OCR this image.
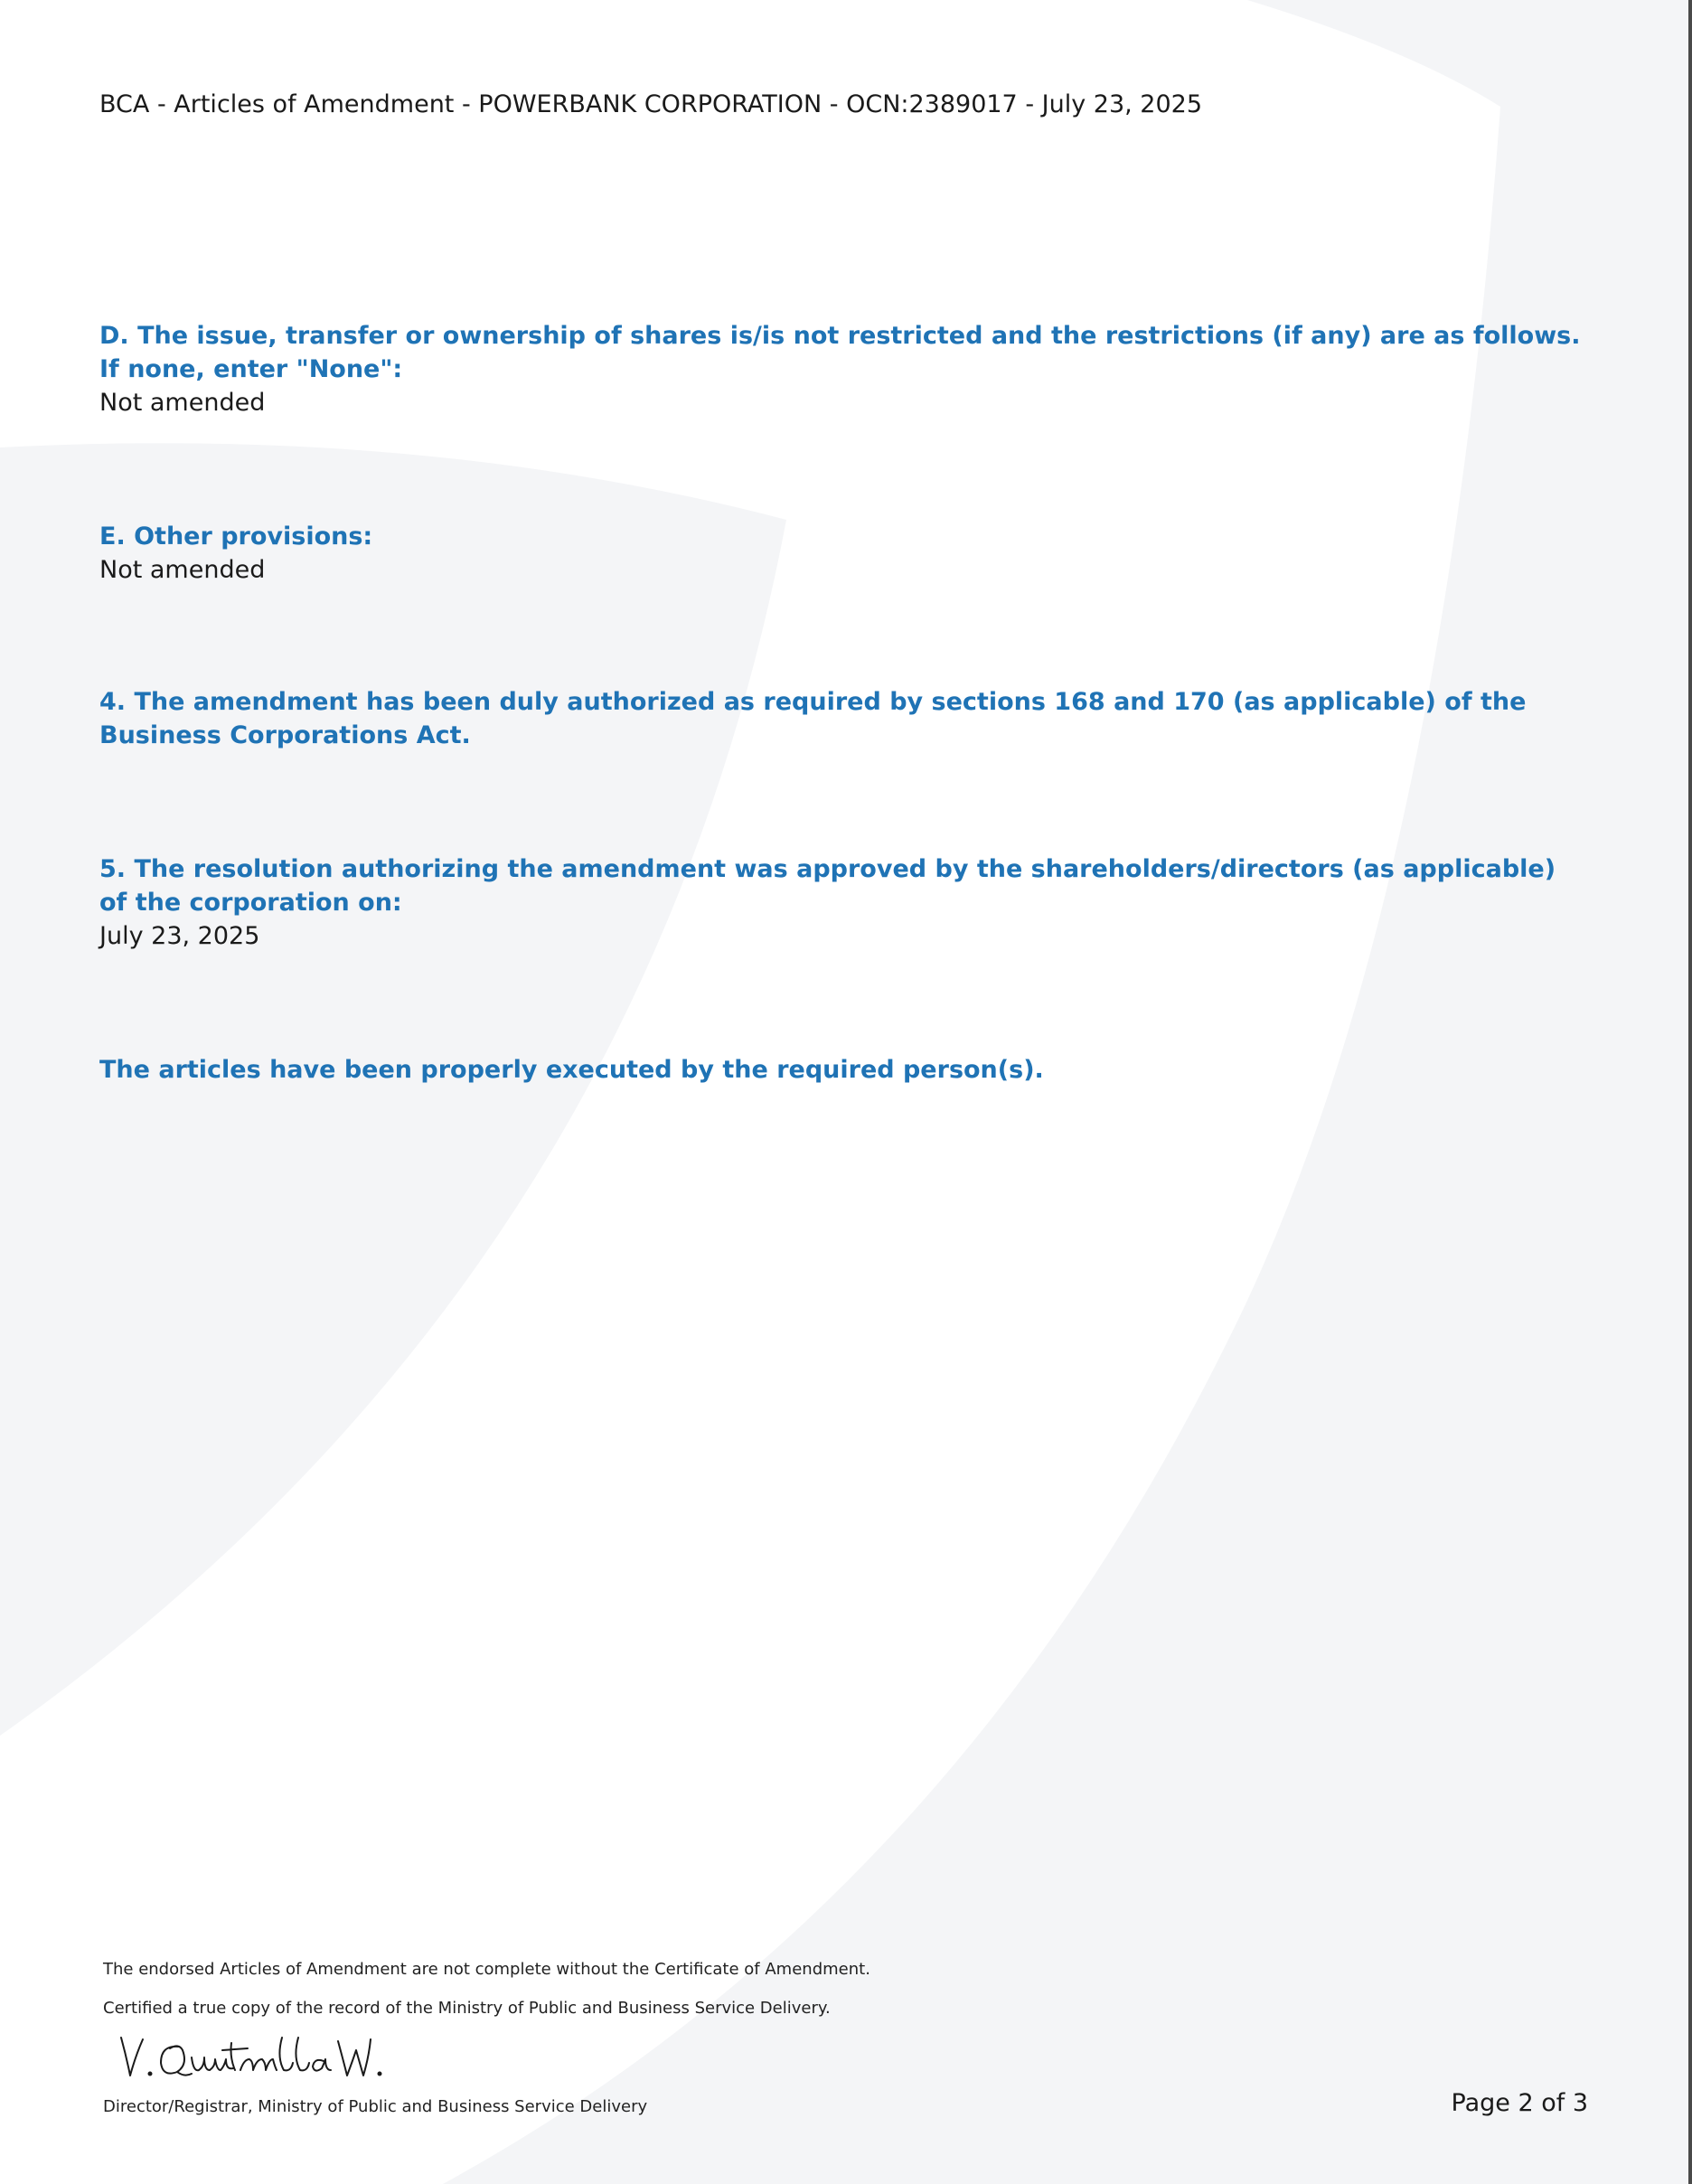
BCA - Articles of Amendment - POWERBANK CORPORATION - OCN:2389017 - July 23, 2025

D. The issue, transfer or ownership of shares is/is not restricted and the restrictions (if any) are as follows. If none, enter "None":

Not amended

E. Other provisions:

Not amended

4. The amendment has been duly authorized as required by sections 168 and 170 (as applicable) of the Business Corporations Act.

5. The resolution authorizing the amendment was approved by the shareholders/directors (as applicable) of the corporation on:

July 23, 2025

The articles have been properly executed by the required person(s).

The endorsed Articles of Amendment are not complete without the Certificate of Amendment.
Certified a true copy of the record of the Ministry of Public and Business Service Delivery.
Director/Registrar, Ministry of Public and Business Service Delivery	Page 2 of 3
